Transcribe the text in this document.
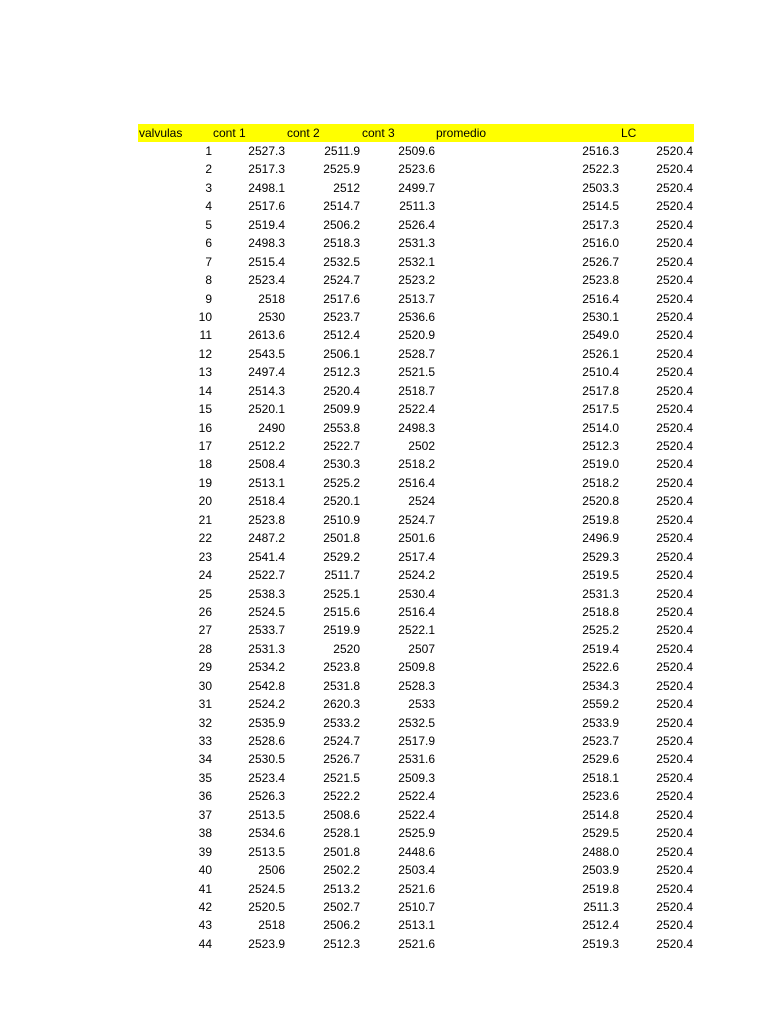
valvulas	cont 1	cont 2	cont 3	promedio	LC
1	2527.3	2511.9	2509.6	2516.3	2520.4
2	2517.3	2525.9	2523.6	2522.3	2520.4
3	2498.1	2512	2499.7	2503.3	2520.4
4	2517.6	2514.7	2511.3	2514.5	2520.4
5	2519.4	2506.2	2526.4	2517.3	2520.4
6	2498.3	2518.3	2531.3	2516.0	2520.4
7	2515.4	2532.5	2532.1	2526.7	2520.4
8	2523.4	2524.7	2523.2	2523.8	2520.4
9	2518	2517.6	2513.7	2516.4	2520.4
10	2530	2523.7	2536.6	2530.1	2520.4
11	2613.6	2512.4	2520.9	2549.0	2520.4
12	2543.5	2506.1	2528.7	2526.1	2520.4
13	2497.4	2512.3	2521.5	2510.4	2520.4
14	2514.3	2520.4	2518.7	2517.8	2520.4
15	2520.1	2509.9	2522.4	2517.5	2520.4
16	2490	2553.8	2498.3	2514.0	2520.4
17	2512.2	2522.7	2502	2512.3	2520.4
18	2508.4	2530.3	2518.2	2519.0	2520.4
19	2513.1	2525.2	2516.4	2518.2	2520.4
20	2518.4	2520.1	2524	2520.8	2520.4
21	2523.8	2510.9	2524.7	2519.8	2520.4
22	2487.2	2501.8	2501.6	2496.9	2520.4
23	2541.4	2529.2	2517.4	2529.3	2520.4
24	2522.7	2511.7	2524.2	2519.5	2520.4
25	2538.3	2525.1	2530.4	2531.3	2520.4
26	2524.5	2515.6	2516.4	2518.8	2520.4
27	2533.7	2519.9	2522.1	2525.2	2520.4
28	2531.3	2520	2507	2519.4	2520.4
29	2534.2	2523.8	2509.8	2522.6	2520.4
30	2542.8	2531.8	2528.3	2534.3	2520.4
31	2524.2	2620.3	2533	2559.2	2520.4
32	2535.9	2533.2	2532.5	2533.9	2520.4
33	2528.6	2524.7	2517.9	2523.7	2520.4
34	2530.5	2526.7	2531.6	2529.6	2520.4
35	2523.4	2521.5	2509.3	2518.1	2520.4
36	2526.3	2522.2	2522.4	2523.6	2520.4
37	2513.5	2508.6	2522.4	2514.8	2520.4
38	2534.6	2528.1	2525.9	2529.5	2520.4
39	2513.5	2501.8	2448.6	2488.0	2520.4
40	2506	2502.2	2503.4	2503.9	2520.4
41	2524.5	2513.2	2521.6	2519.8	2520.4
42	2520.5	2502.7	2510.7	2511.3	2520.4
43	2518	2506.2	2513.1	2512.4	2520.4
44	2523.9	2512.3	2521.6	2519.3	2520.4
